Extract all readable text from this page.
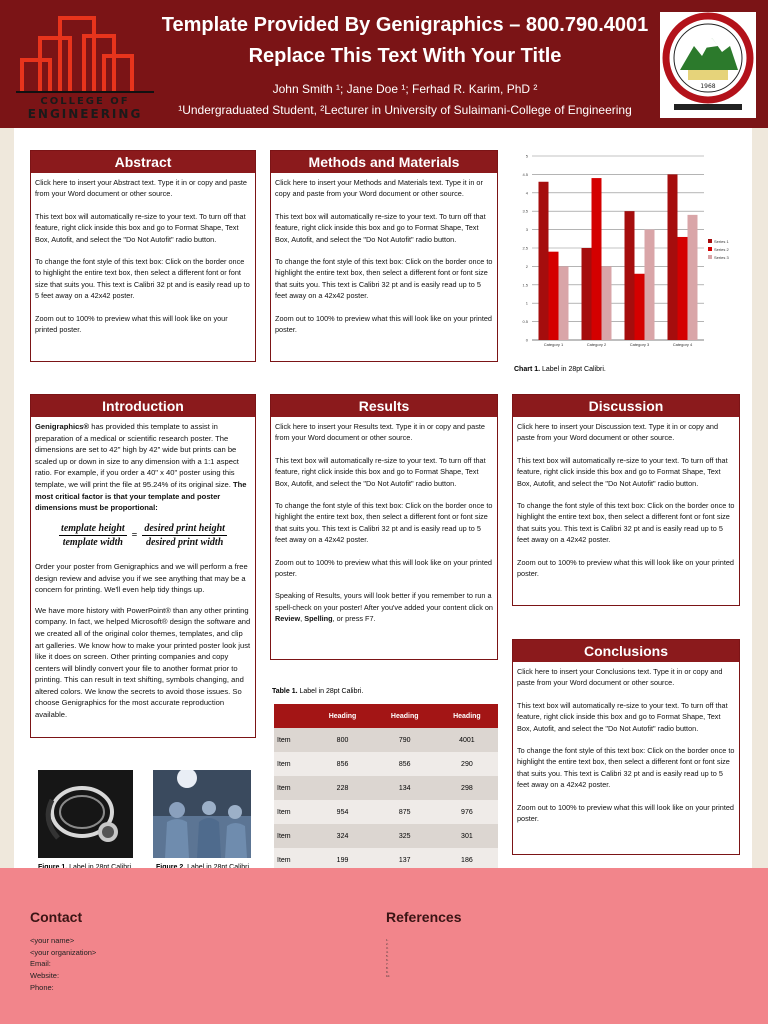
COLLEGE OF
ENGINEERING
Template Provided By Genigraphics – 800.790.4001
Replace This Text With Your Title
John Smith ¹; Jane Doe ¹; Ferhad R. Karim, PhD ²
¹Undergraduated Student, ²Lecturer in University of Sulaimani-College of Engineering
1968
Abstract

Click here to insert your Abstract text. Type it in or copy and paste from your Word document or other source.

This text box will automatically re-size to your text. To turn off that feature, right click inside this box and go to Format Shape, Text Box, Autofit, and select the "Do Not Autofit" radio button.

To change the font style of this text box: Click on the border once to highlight the entire text box, then select a different font or font size that suits you. This text is Calibri 32 pt and is easily read up to 5 feet away on a 42x42 poster.

Zoom out to 100% to preview what this will look like on your printed poster.

Methods and Materials

Click here to insert your Methods and Materials text. Type it in or copy and paste from your Word document or other source.

This text box will automatically re-size to your text. To turn off that feature, right click inside this box and go to Format Shape, Text Box, Autofit, and select the "Do Not Autofit" radio button.

To change the font style of this text box: Click on the border once to highlight the entire text box, then select a different font or font size that suits you. This text is Calibri 32 pt and is easily read up to 5 feet away on a 42x42 poster.

Zoom out to 100% to preview what this will look like on your printed poster.

0
0.5
1
1.5
2
2.5
3
3.5
4
4.5
5
Category 1	Category 2	Category 3	Category 4
Series 1
Series 2
Series 3
Chart 1. Label in 28pt Calibri.
Introduction

Genigraphics® has provided this template to assist in preparation of a medical or scientific research poster. The dimensions are set to 42" high by 42" wide but prints can be scaled up or down in size to any dimension with a 1:1 aspect ratio. For example, if you order a 40" x 40" poster using this template, we will print the file at 95.24% of its original size. The most critical factor is that your template and poster dimensions must be proportional:

$\frac{\text{template height}}{\text{template width}} = \frac{\text{desired print height}}{\text{desired print width}}$

Order your poster from Genigraphics and we will perform a free design review and advise you if we see anything that may be a concern for printing. We'll even help tidy things up.

We have more history with PowerPoint® than any other printing company. In fact, we helped Microsoft® design the software and we created all of the original color themes, templates, and clip art galleries. We know how to make your printed poster look just like it does on screen. Other printing companies and copy centers will blindly convert your file to another format prior to printing. This can result in text shifting, symbols changing, and altered colors. We know the secrets to avoid those issues. So choose Genigraphics for the most accurate reproduction available.

Results

Click here to insert your Results text. Type it in or copy and paste from your Word document or other source.

This text box will automatically re-size to your text. To turn off that feature, right click inside this box and go to Format Shape, Text Box, Autofit, and select the "Do Not Autofit" radio button.

To change the font style of this text box: Click on the border once to highlight the entire text box, then select a different font or font size that suits you. This text is Calibri 32 pt and is easily read up to 5 feet away on a 42x42 poster.

Zoom out to 100% to preview what this will look like on your printed poster.

Speaking of Results, yours will look better if you remember to run a spell-check on your poster! After you've added your content click on Review, Spelling, or press F7.

Discussion

Click here to insert your Discussion text. Type it in or copy and paste from your Word document or other source.

This text box will automatically re-size to your text. To turn off that feature, right click inside this box and go to Format Shape, Text Box, Autofit, and select the "Do Not Autofit" radio button.

To change the font style of this text box: Click on the border once to highlight the entire text box, then select a different font or font size that suits you. This text is Calibri 32 pt and is easily read up to 5 feet away on a 42x42 poster.

Zoom out to 100% to preview what this will look like on your printed poster.

Conclusions

Click here to insert your Conclusions text. Type it in or copy and paste from your Word document or other source.

This text box will automatically re-size to your text. To turn off that feature, right click inside this box and go to Format Shape, Text Box, Autofit, and select the "Do Not Autofit" radio button.

To change the font style of this text box: Click on the border once to highlight the entire text box, then select a different font or font size that suits you. This text is Calibri 32 pt and is easily read up to 5 feet away on a 42x42 poster.

Zoom out to 100% to preview what this will look like on your printed poster.

Table 1. Label in 28pt Calibri.
	Heading	Heading	Heading
Item	800	790	4001
Item	856	856	290
Item	228	134	298
Item	954	875	976
Item	324	325	301
Item	199	137	186
Contact
<your name>
<your organization>
Email:
Website:
Phone:
References
1.
2.
3.
4.
5.
6.
7.
8.
9.
10.
